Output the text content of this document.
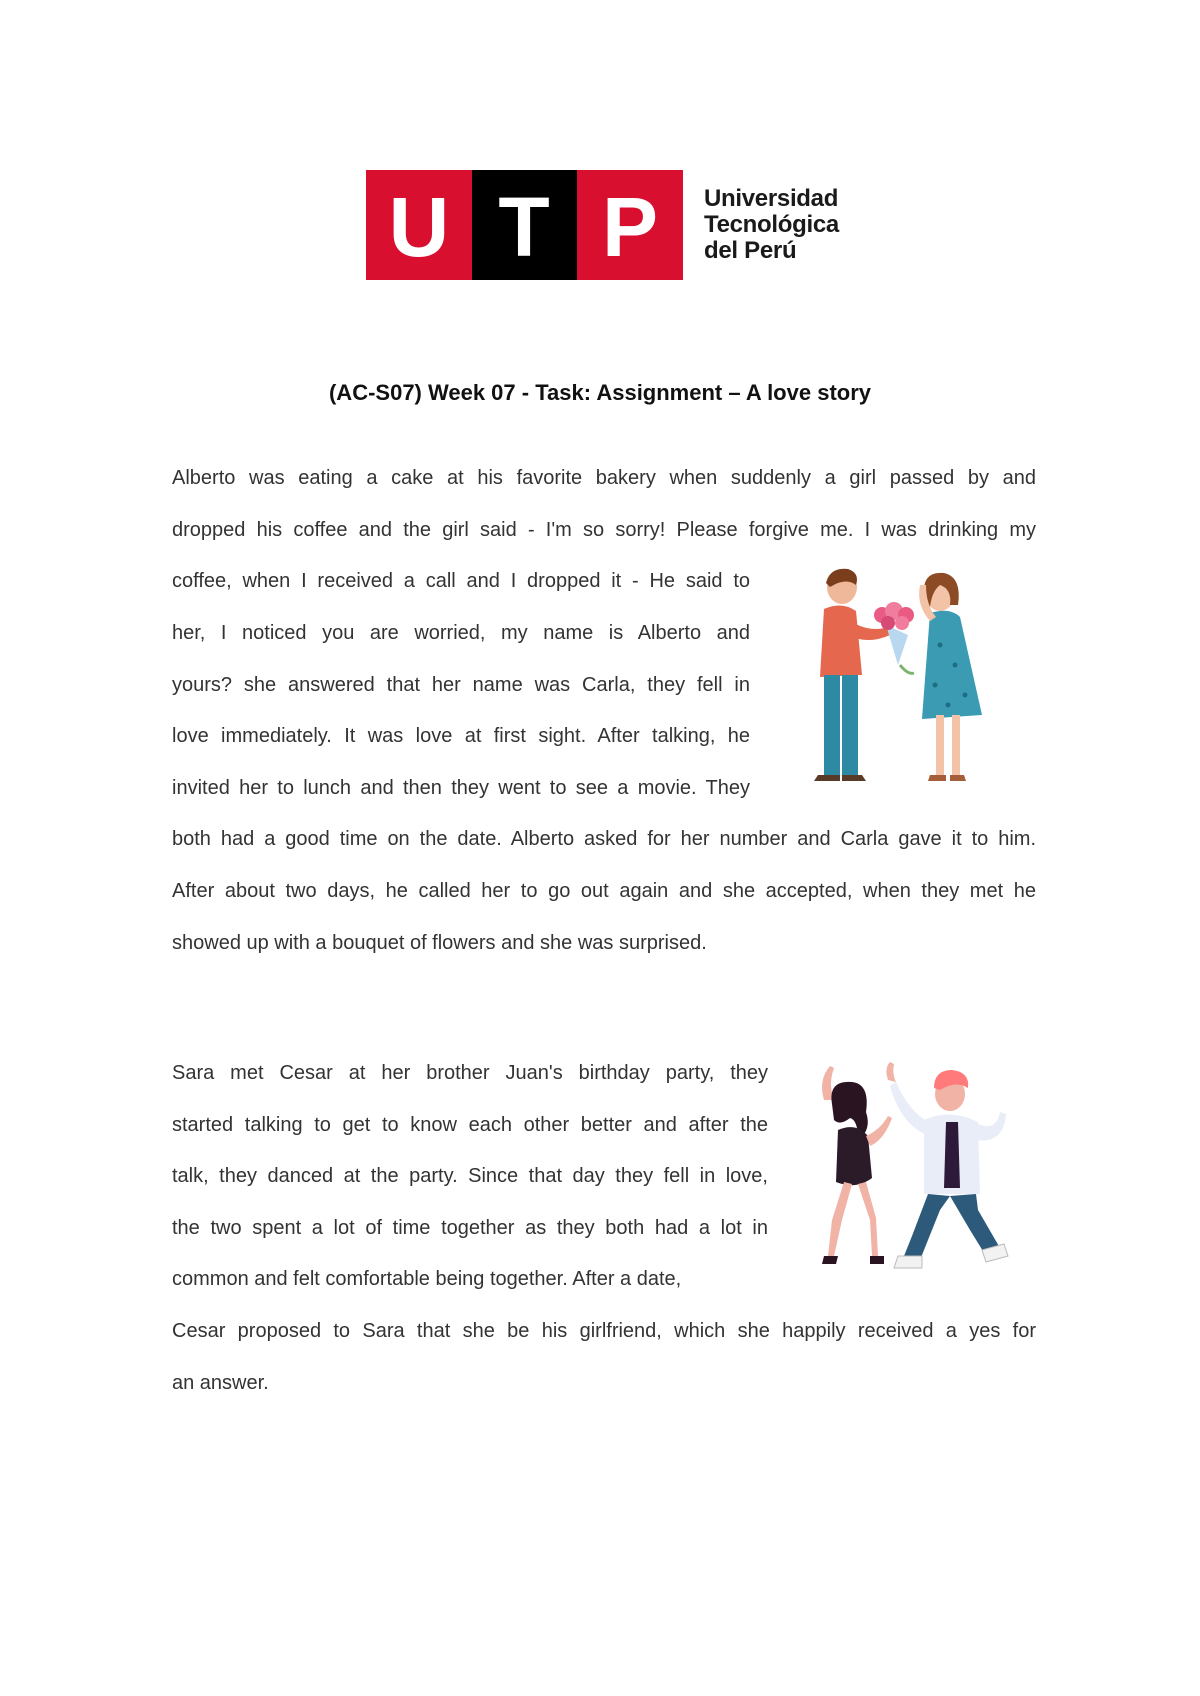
U T P Universidad
Tecnológica
del Perú
(AC-S07) Week 07 - Task: Assignment – A love story
Alberto was eating a cake at his favorite bakery when suddenly a girl passed by and
dropped his coffee and the girl said - I'm so sorry! Please forgive me. I was drinking my
coffee, when I received a call and I dropped it - He said to
her, I noticed you are worried, my name is Alberto and
yours? she answered that her name was Carla, they fell in
love immediately. It was love at first sight. After talking, he
invited her to lunch and then they went to see a movie. They
both had a good time on the date. Alberto asked for her number and Carla gave it to him.
After about two days, he called her to go out again and she accepted, when they met he
showed up with a bouquet of flowers and she was surprised.
Sara met Cesar at her brother Juan's birthday party, they
started talking to get to know each other better and after the
talk, they danced at the party. Since that day they fell in love,
the two spent a lot of time together as they both had a lot in
common and felt comfortable being together. After a date,
Cesar proposed to Sara that she be his girlfriend, which she happily received a yes for
an answer.
